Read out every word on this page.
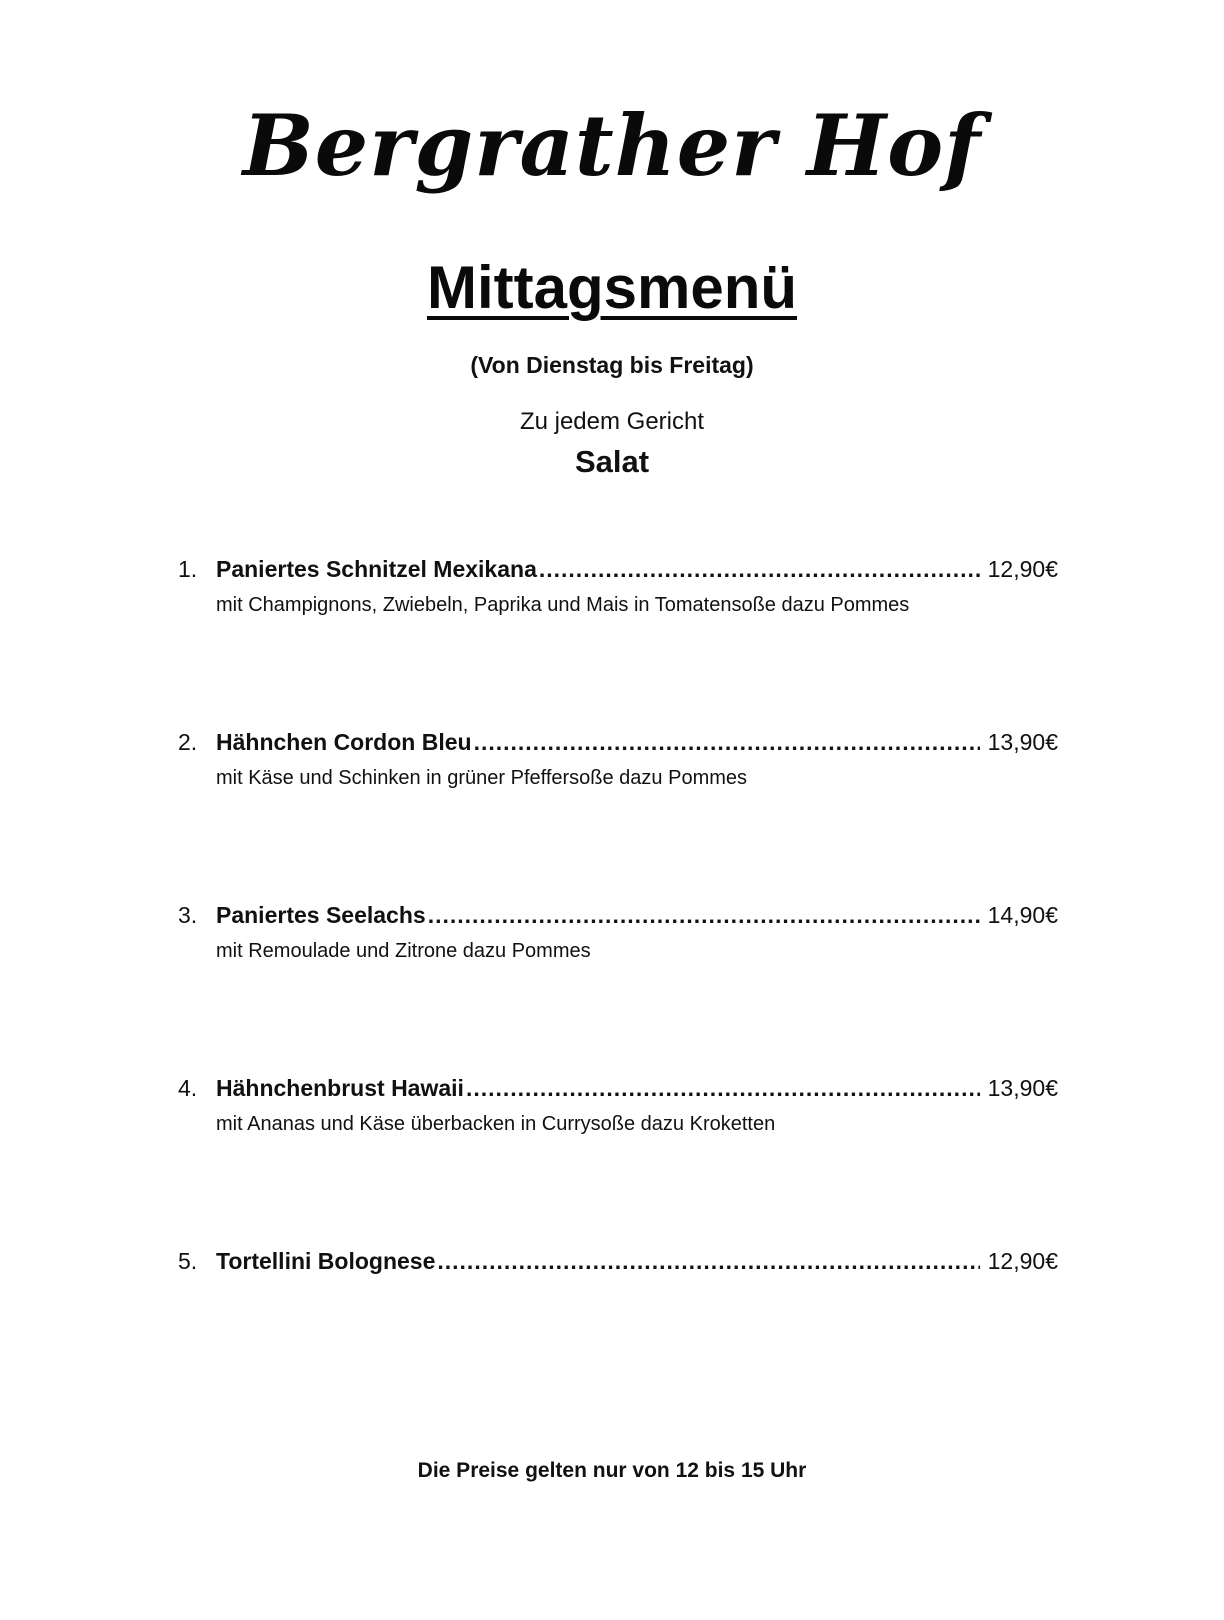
Bergrather Hof
Mittagsmenü
(Von Dienstag bis Freitag)
Zu jedem Gericht
Salat
1. Paniertes Schnitzel Mexikana .....	12,90€
mit Champignons, Zwiebeln, Paprika und Mais in Tomatensoße dazu Pommes
2. Hähnchen Cordon Bleu .....	13,90€
mit Käse und Schinken in grüner Pfeffersoße dazu Pommes
3. Paniertes Seelachs .....	14,90€
mit Remoulade und Zitrone dazu Pommes
4. Hähnchenbrust Hawaii .....	13,90€
mit Ananas und Käse überbacken in Currysoße dazu Kroketten
5. Tortellini Bolognese .....	12,90€
Die Preise gelten nur von 12 bis 15 Uhr
